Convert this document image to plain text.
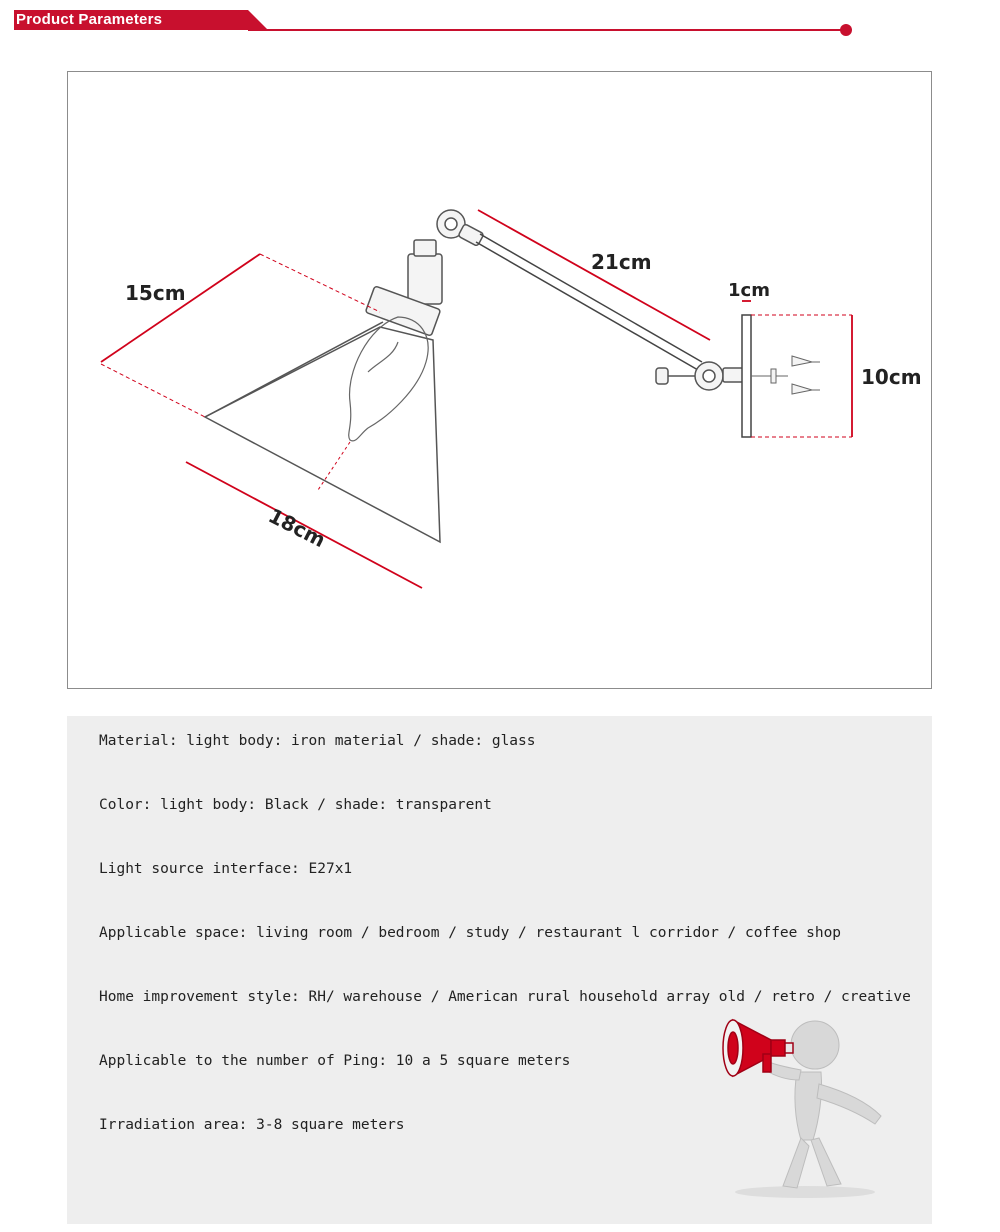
Product Parameters
15cm
18cm
21cm
1cm
10cm
Material: light body: iron material / shade: glass
Color: light body: Black / shade: transparent
Light source interface: E27x1
Applicable space: living room / bedroom / study / restaurant l corridor / coffee shop
Home improvement style: RH/ warehouse / American rural household array old / retro / creative
Applicable to the number of Ping: 10 a 5 square meters
Irradiation area: 3-8 square meters
